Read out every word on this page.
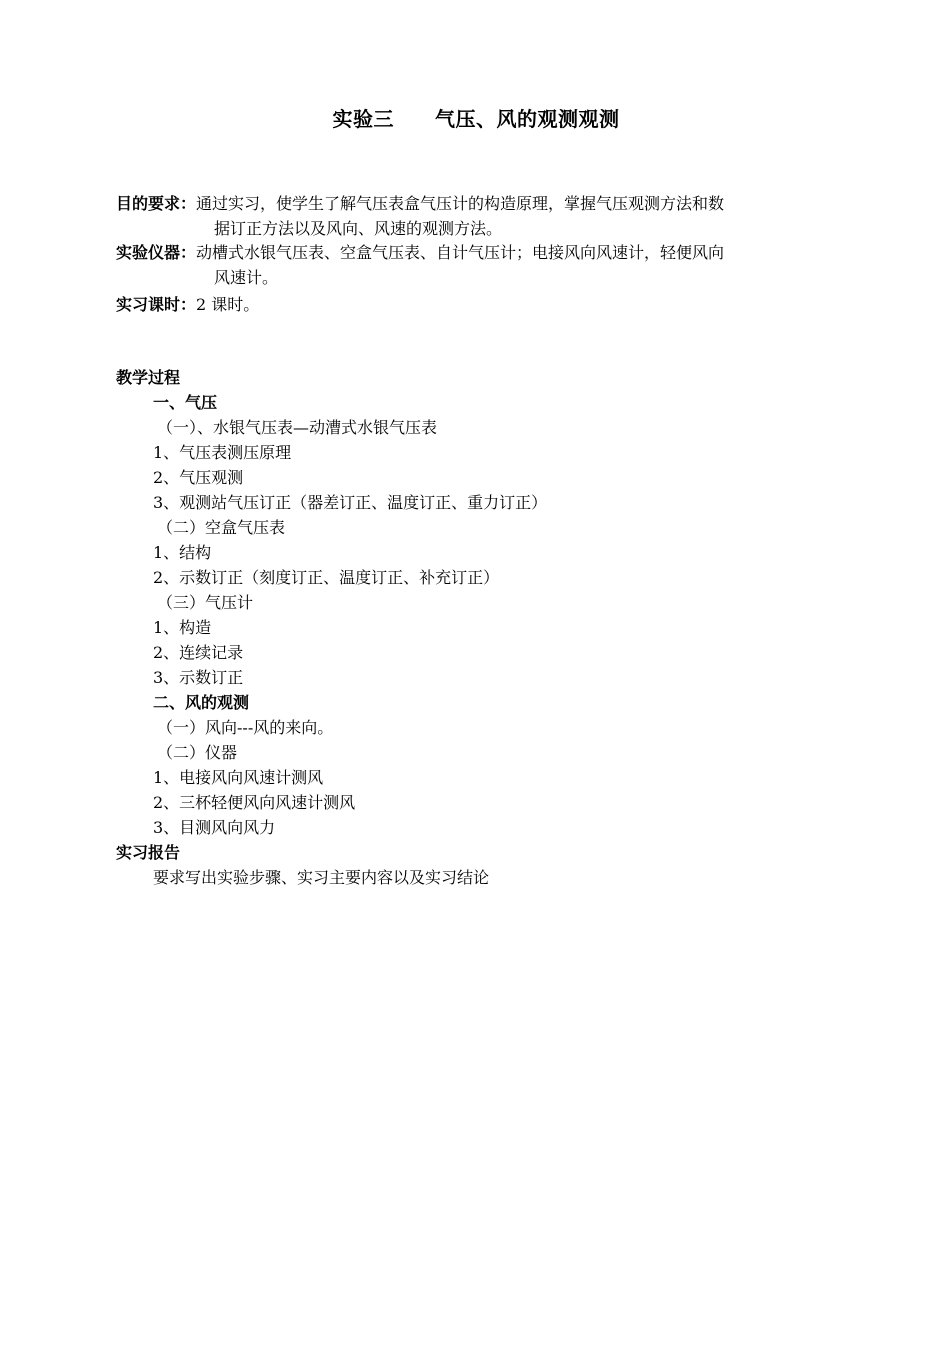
实验三　　气压、风的观测观测
目的要求：通过实习，使学生了解气压表盒气压计的构造原理，掌握气压观测方法和数
据订正方法以及风向、风速的观测方法。
实验仪器：动槽式水银气压表、空盒气压表、自计气压计；电接风向风速计，轻便风向
风速计。
实习课时：2 课时。
教学过程
一、气压
（一）、水银气压表—动漕式水银气压表
1、气压表测压原理
2、气压观测
3、观测站气压订正（器差订正、温度订正、重力订正）
（二）空盒气压表
1、结构
2、示数订正（刻度订正、温度订正、补充订正）
（三）气压计
1、构造
2、连续记录
3、示数订正
二、风的观测
（一）风向---风的来向。
（二）仪器
1、电接风向风速计测风
2、三杯轻便风向风速计测风
3、目测风向风力
实习报告
要求写出实验步骤、实习主要内容以及实习结论
